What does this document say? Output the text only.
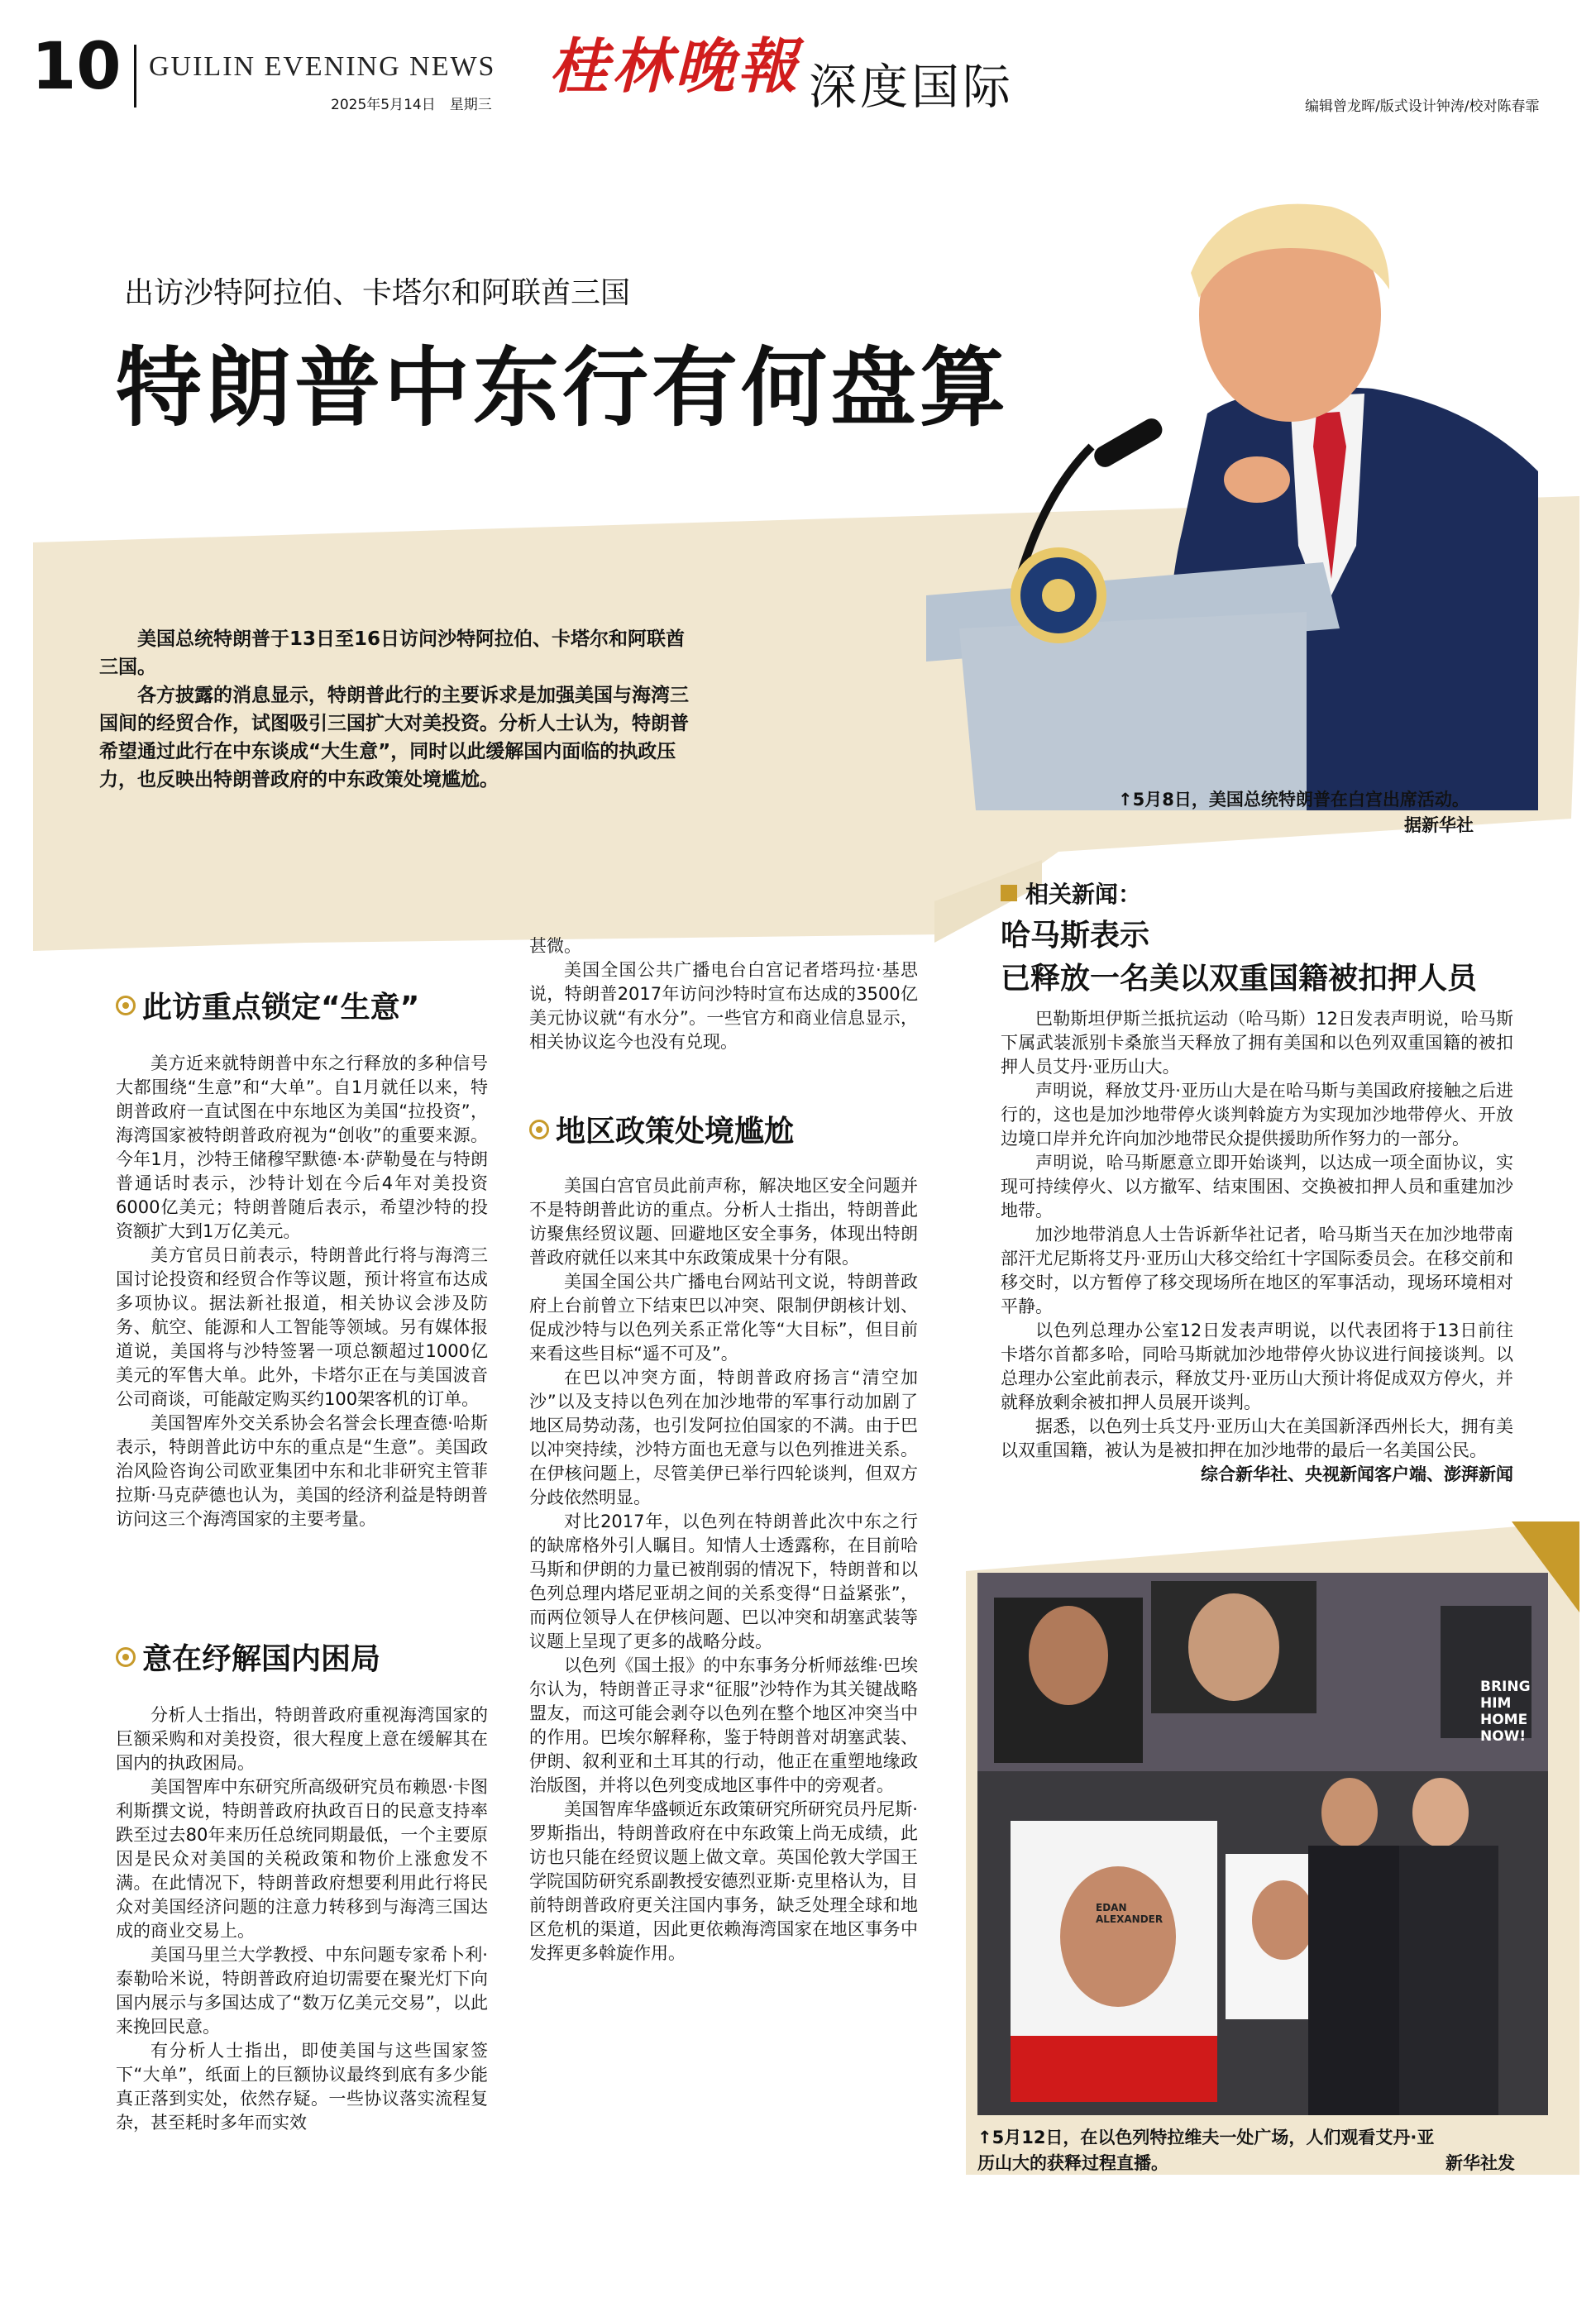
10 GUILIN EVENING NEWS
2025年5月14日　星期三
桂林晚報 深度国际	编辑曾龙晖/版式设计钟涛/校对陈春霏
出访沙特阿拉伯、卡塔尔和阿联酋三国
特朗普中东行有何盘算

美国总统特朗普于13日至16日访问沙特阿拉伯、卡塔尔和阿联酋三国。

各方披露的消息显示，特朗普此行的主要诉求是加强美国与海湾三国间的经贸合作，试图吸引三国扩大对美投资。分析人士认为，特朗普希望通过此行在中东谈成“大生意”，同时以此缓解国内面临的执政压力，也反映出特朗普政府的中东政策处境尴尬。

↑5月8日，美国总统特朗普在白宫出席活动。
据新华社
此访重点锁定“生意”

美方近来就特朗普中东之行释放的多种信号大都围绕“生意”和“大单”。自1月就任以来，特朗普政府一直试图在中东地区为美国“拉投资”，海湾国家被特朗普政府视为“创收”的重要来源。今年1月，沙特王储穆罕默德·本·萨勒曼在与特朗普通话时表示，沙特计划在今后4年对美投资6000亿美元；特朗普随后表示，希望沙特的投资额扩大到1万亿美元。

美方官员日前表示，特朗普此行将与海湾三国讨论投资和经贸合作等议题，预计将宣布达成多项协议。据法新社报道，相关协议会涉及防务、航空、能源和人工智能等领域。另有媒体报道说，美国将与沙特签署一项总额超过1000亿美元的军售大单。此外，卡塔尔正在与美国波音公司商谈，可能敲定购买约100架客机的订单。

美国智库外交关系协会名誉会长理查德·哈斯表示，特朗普此访中东的重点是“生意”。美国政治风险咨询公司欧亚集团中东和北非研究主管菲拉斯·马克萨德也认为，美国的经济利益是特朗普访问这三个海湾国家的主要考量。

意在纾解国内困局

分析人士指出，特朗普政府重视海湾国家的巨额采购和对美投资，很大程度上意在缓解其在国内的执政困局。

美国智库中东研究所高级研究员布赖恩·卡图利斯撰文说，特朗普政府执政百日的民意支持率跌至过去80年来历任总统同期最低，一个主要原因是民众对美国的关税政策和物价上涨愈发不满。在此情况下，特朗普政府想要利用此行将民众对美国经济问题的注意力转移到与海湾三国达成的商业交易上。

美国马里兰大学教授、中东问题专家希卜利·泰勒哈米说，特朗普政府迫切需要在聚光灯下向国内展示与多国达成了“数万亿美元交易”，以此来挽回民意。

有分析人士指出，即使美国与这些国家签下“大单”，纸面上的巨额协议最终到底有多少能真正落到实处，依然存疑。一些协议落实流程复杂，甚至耗时多年而实效

甚微。

美国全国公共广播电台白宫记者塔玛拉·基思说，特朗普2017年访问沙特时宣布达成的3500亿美元协议就“有水分”。一些官方和商业信息显示，相关协议迄今也没有兑现。

地区政策处境尴尬

美国白宫官员此前声称，解决地区安全问题并不是特朗普此访的重点。分析人士指出，特朗普此访聚焦经贸议题、回避地区安全事务，体现出特朗普政府就任以来其中东政策成果十分有限。

美国全国公共广播电台网站刊文说，特朗普政府上台前曾立下结束巴以冲突、限制伊朗核计划、促成沙特与以色列关系正常化等“大目标”，但目前来看这些目标“遥不可及”。

在巴以冲突方面，特朗普政府扬言“清空加沙”以及支持以色列在加沙地带的军事行动加剧了地区局势动荡，也引发阿拉伯国家的不满。由于巴以冲突持续，沙特方面也无意与以色列推进关系。在伊核问题上，尽管美伊已举行四轮谈判，但双方分歧依然明显。

对比2017年，以色列在特朗普此次中东之行的缺席格外引人瞩目。知情人士透露称，在目前哈马斯和伊朗的力量已被削弱的情况下，特朗普和以色列总理内塔尼亚胡之间的关系变得“日益紧张”，而两位领导人在伊核问题、巴以冲突和胡塞武装等议题上呈现了更多的战略分歧。

以色列《国土报》的中东事务分析师兹维·巴埃尔认为，特朗普正寻求“征服”沙特作为其关键战略盟友，而这可能会剥夺以色列在整个地区冲突当中的作用。巴埃尔解释称，鉴于特朗普对胡塞武装、伊朗、叙利亚和土耳其的行动，他正在重塑地缘政治版图，并将以色列变成地区事件中的旁观者。

美国智库华盛顿近东政策研究所研究员丹尼斯·罗斯指出，特朗普政府在中东政策上尚无成绩，此访也只能在经贸议题上做文章。英国伦敦大学国王学院国防研究系副教授安德烈亚斯·克里格认为，目前特朗普政府更关注国内事务，缺乏处理全球和地区危机的渠道，因此更依赖海湾国家在地区事务中发挥更多斡旋作用。

相关新闻：
哈马斯表示
已释放一名美以双重国籍被扣押人员

巴勒斯坦伊斯兰抵抗运动（哈马斯）12日发表声明说，哈马斯下属武装派别卡桑旅当天释放了拥有美国和以色列双重国籍的被扣押人员艾丹·亚历山大。

声明说，释放艾丹·亚历山大是在哈马斯与美国政府接触之后进行的，这也是加沙地带停火谈判斡旋方为实现加沙地带停火、开放边境口岸并允许向加沙地带民众提供援助所作努力的一部分。

声明说，哈马斯愿意立即开始谈判，以达成一项全面协议，实现可持续停火、以方撤军、结束围困、交换被扣押人员和重建加沙地带。

加沙地带消息人士告诉新华社记者，哈马斯当天在加沙地带南部汗尤尼斯将艾丹·亚历山大移交给红十字国际委员会。在移交前和移交时，以方暂停了移交现场所在地区的军事活动，现场环境相对平静。

以色列总理办公室12日发表声明说，以代表团将于13日前往卡塔尔首都多哈，同哈马斯就加沙地带停火协议进行间接谈判。以总理办公室此前表示，释放艾丹·亚历山大预计将促成双方停火，并就释放剩余被扣押人员展开谈判。

据悉，以色列士兵艾丹·亚历山大在美国新泽西州长大，拥有美以双重国籍，被认为是被扣押在加沙地带的最后一名美国公民。

综合新华社、央视新闻客户端、澎湃新闻
BRING HIM HOME NOW!
EDAN ALEXANDER
↑5月12日，在以色列特拉维夫一处广场，人们观看艾丹·亚
历山大的获释过程直播。	新华社发
